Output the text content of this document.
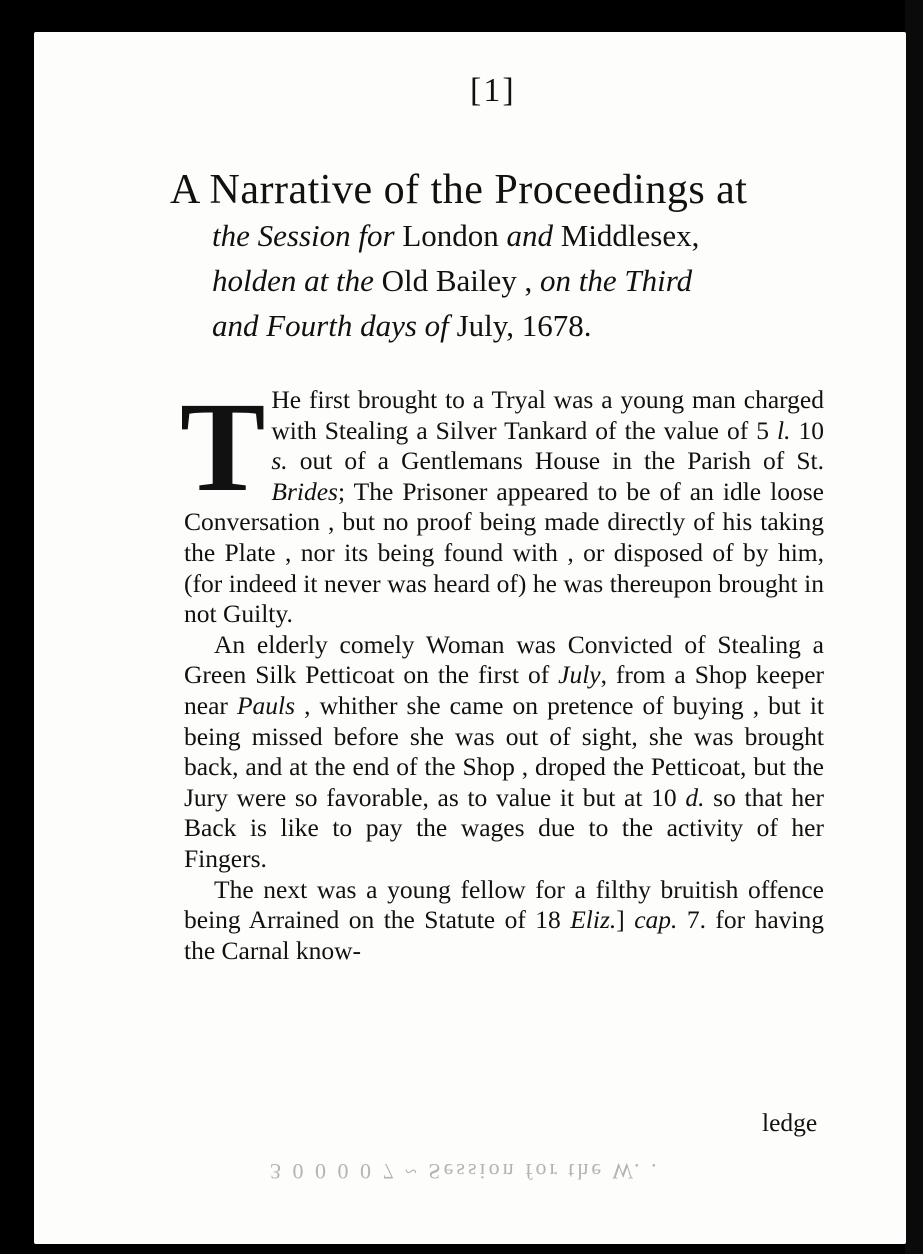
[1]
A Narrative of the Proceedings at
the Session for London and Middlesex,
holden at the Old Bailey , on the Third
and Fourth days of July, 1678.
T He first brought to a Tryal was a young man charged with Stealing a Silver Tankard of the value of 5 l. 10 s. out of a Gentlemans House in the Parish of St. Brides; The Prisoner appeared to be of an idle loose Conversation , but no proof being made directly of his taking the Plate , nor its being found with , or disposed of by him, (for indeed it never was heard of) he was thereupon brought in not Guilty.

An elderly comely Woman was Convicted of Stealing a Green Silk Petticoat on the first of July, from a Shop keeper near Pauls , whither she came on pretence of buying , but it being missed before she was out of sight, she was brought back, and at the end of the Shop , droped the Petticoat, but the Jury were so favorable, as to value it but at 10 d. so that her Back is like to pay the wages due to the activity of her Fingers.

The next was a young fellow for a filthy bruitish offence being Arrained on the Statute of 18 Eliz.] cap. 7. for having the Carnal know-

ledge
3 0 0 0 0 7 ~ Session for the W. .
